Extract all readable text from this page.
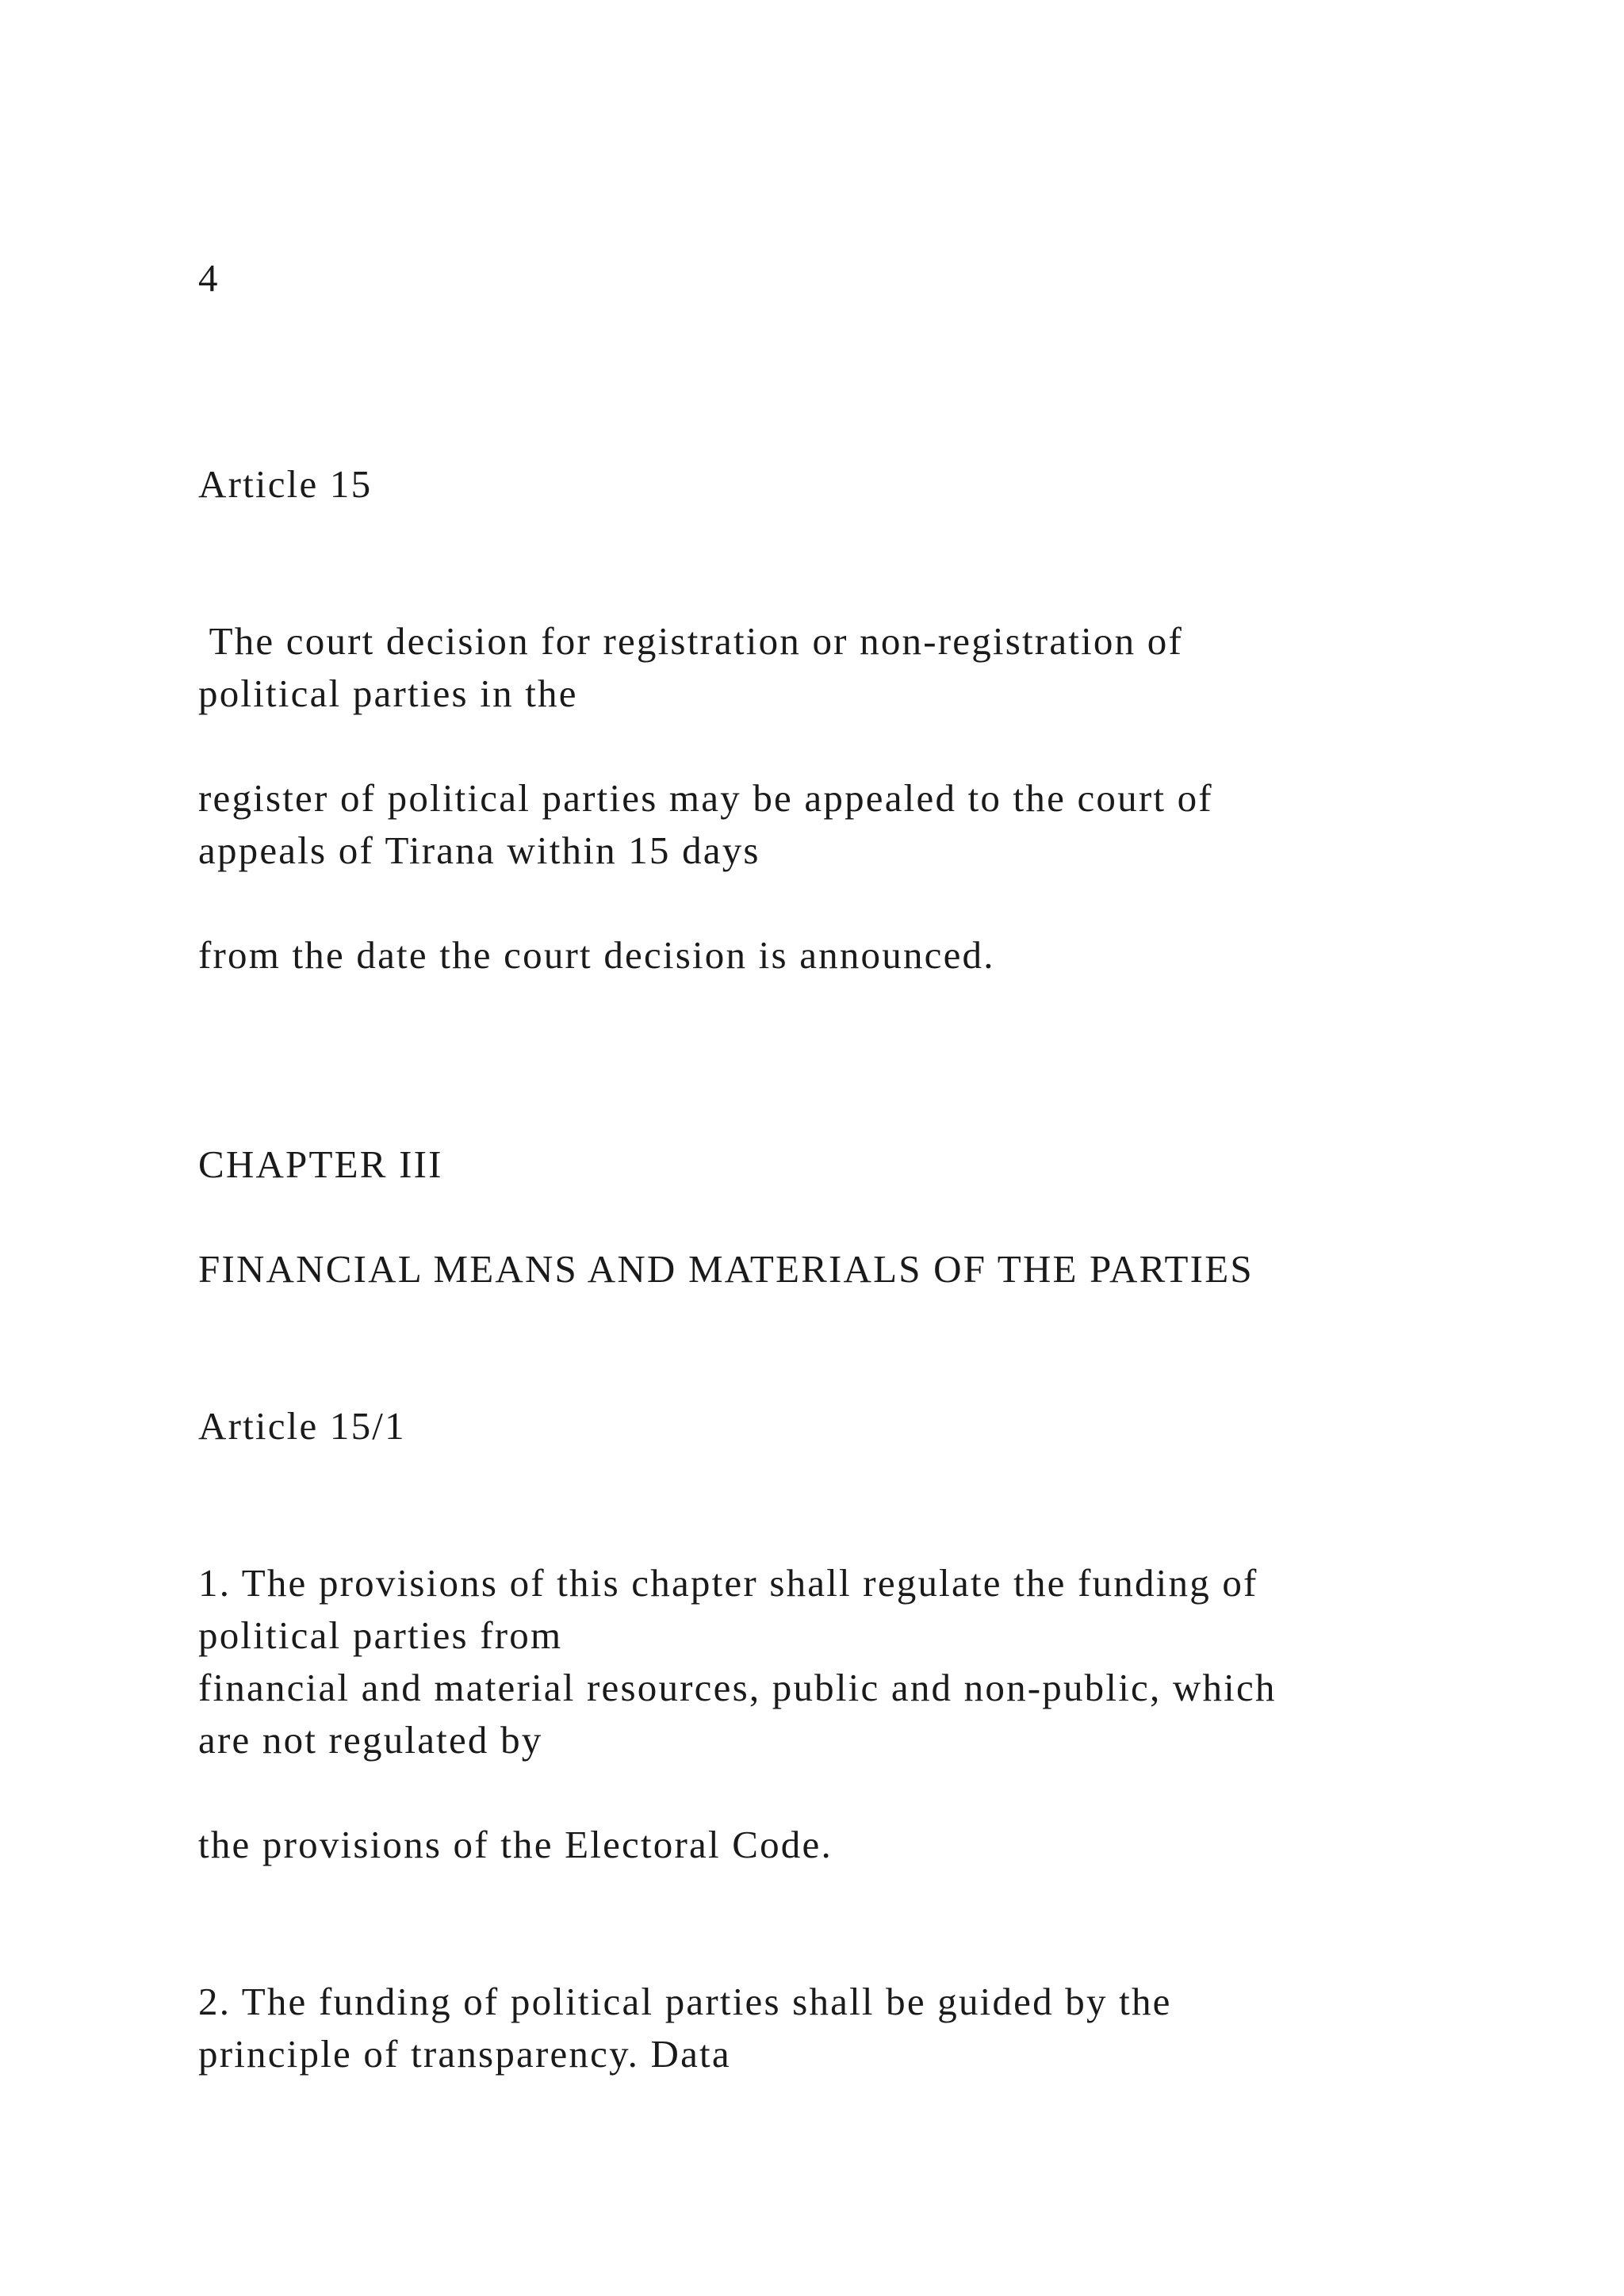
4

Article 15

The court decision for registration or non-registration of

political parties in the

register of political parties may be appealed to the court of

appeals of Tirana within 15 days

from the date the court decision is announced.

CHAPTER III

FINANCIAL MEANS AND MATERIALS OF THE PARTIES

Article 15/1

1. The provisions of this chapter shall regulate the funding of

political parties from

financial and material resources, public and non-public, which

are not regulated by

the provisions of the Electoral Code.

2. The funding of political parties shall be guided by the

principle of transparency. Data
